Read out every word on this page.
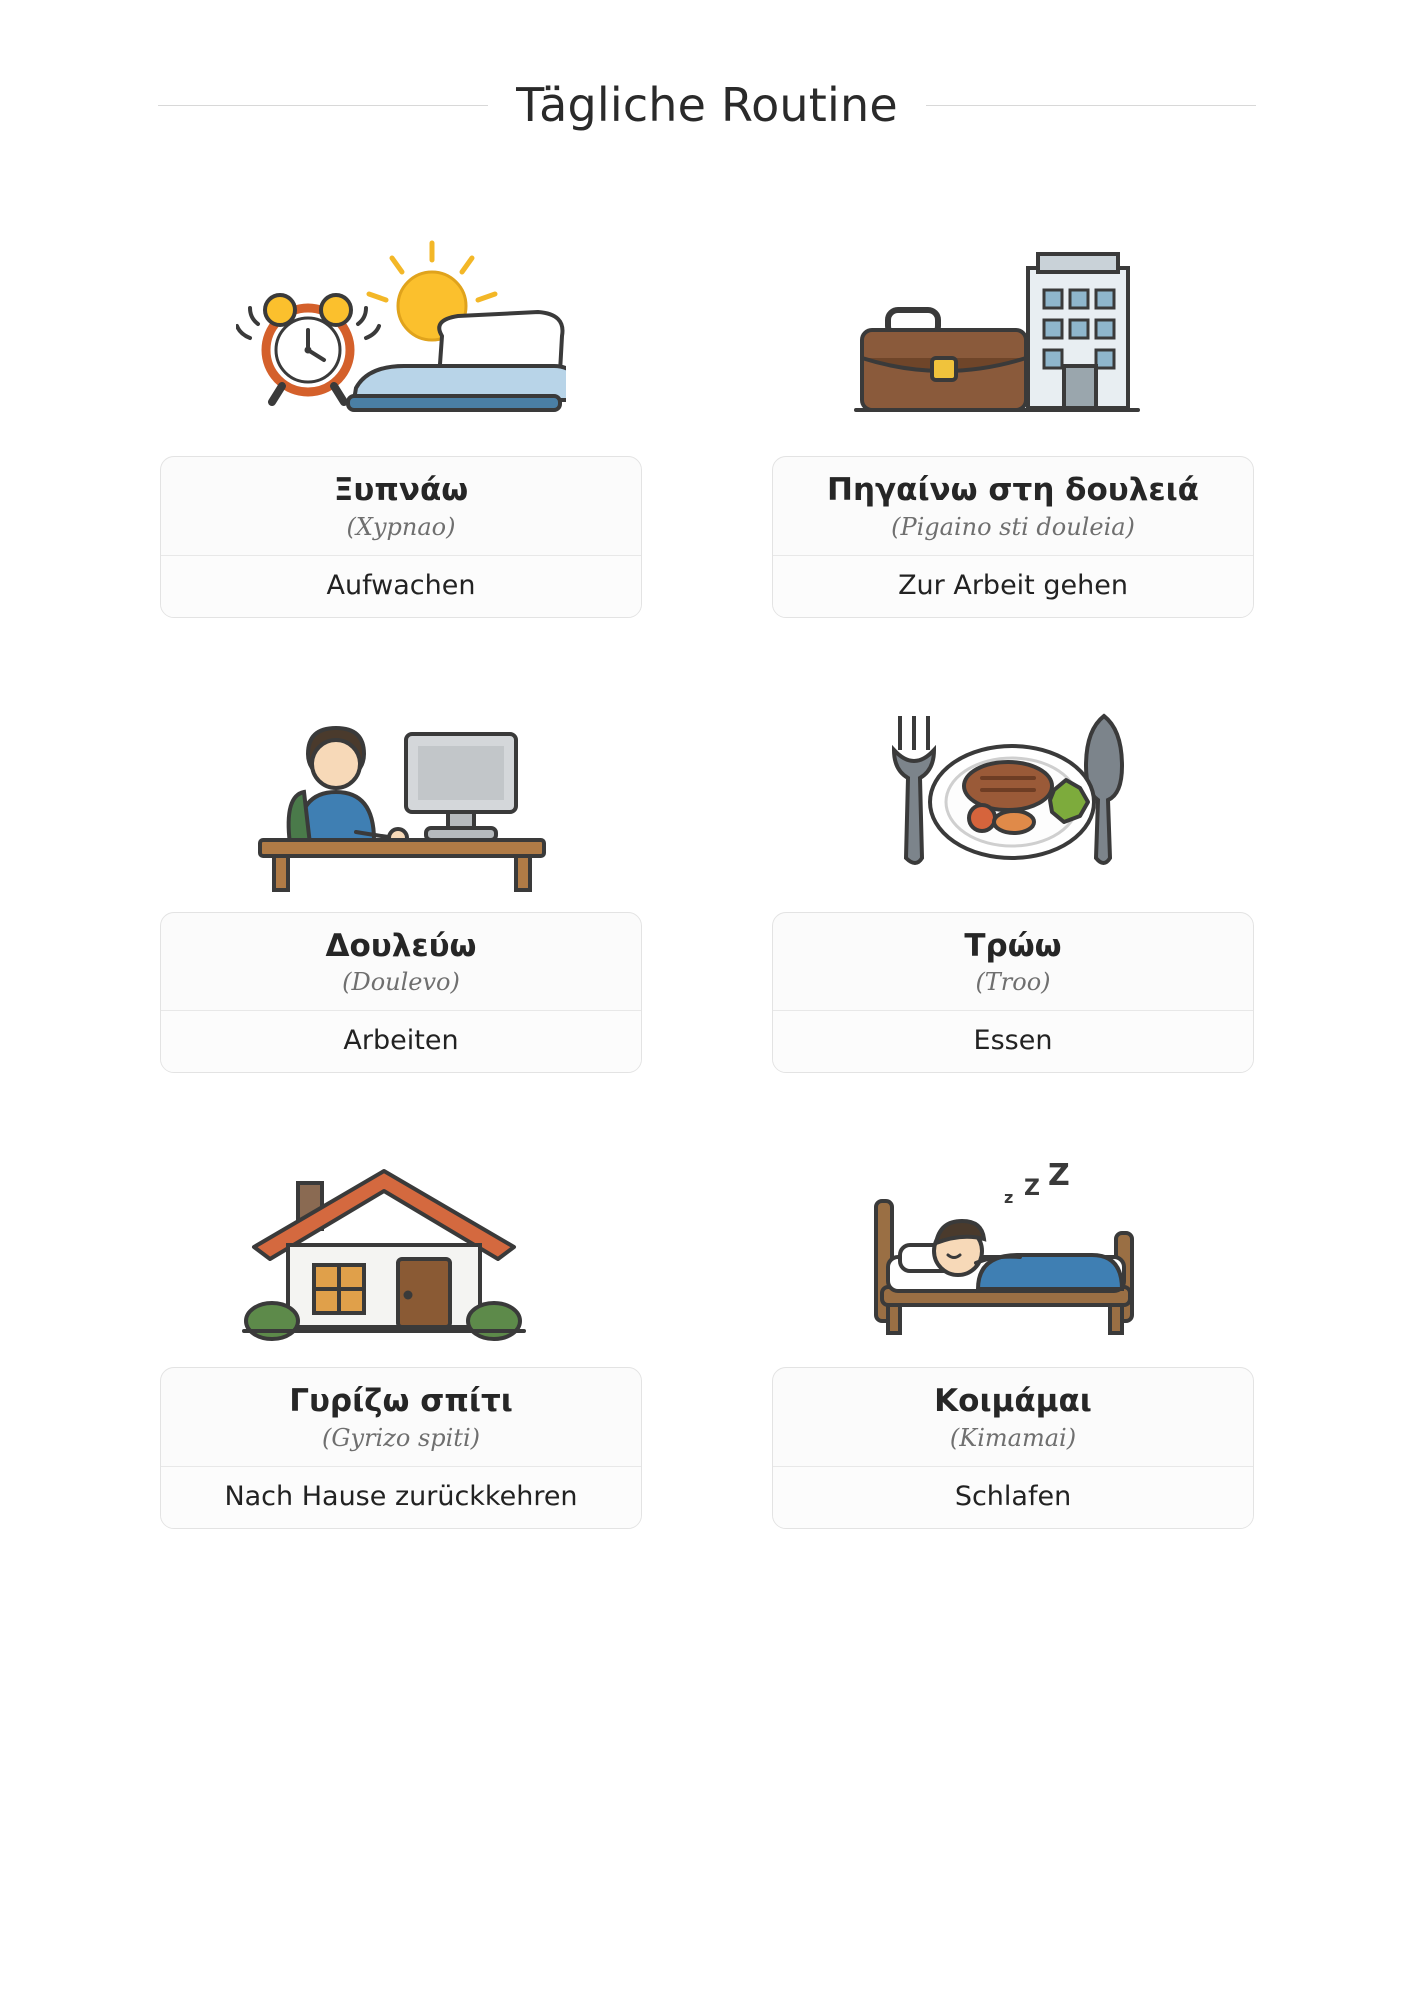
Tägliche Routine
Ξυπνάω
(Xypnao)
Aufwachen
Πηγαίνω στη δουλειά
(Pigaino sti douleia)
Zur Arbeit gehen
Δουλεύω
(Doulevo)
Arbeiten
Τρώω
(Troo)
Essen
Γυρίζω σπίτι
(Gyrizo spiti)
Nach Hause zurückkehren
Z
Z
z
Κοιμάμαι
(Kimamai)
Schlafen
